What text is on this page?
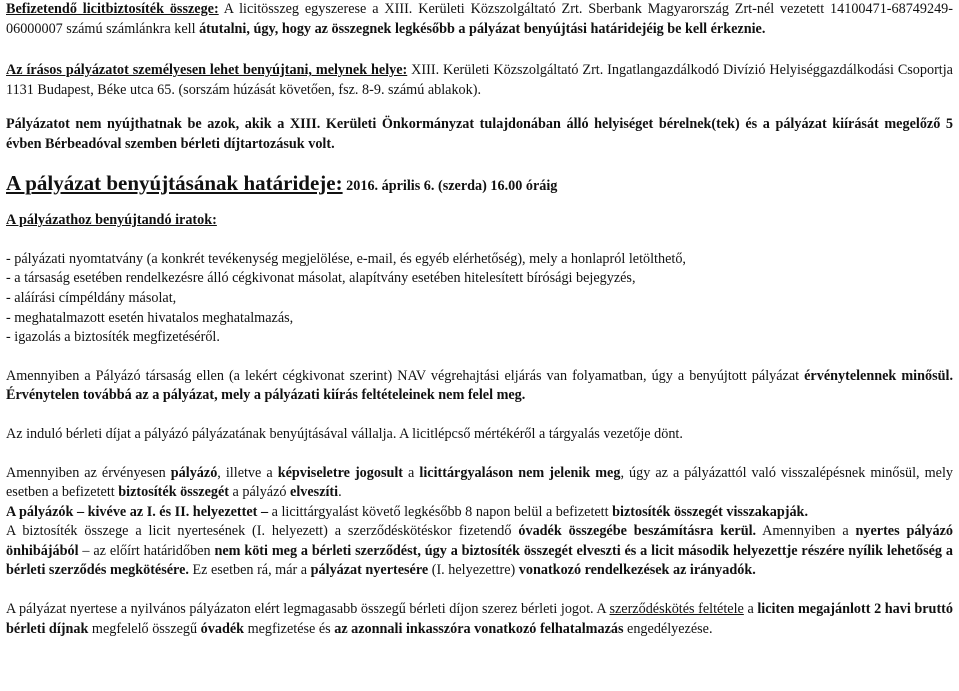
Befizetendő licitbiztosíték összege: A licitösszeg egyszerese a XIII. Kerületi Közszolgáltató Zrt. Sberbank Magyarország Zrt-nél vezetett 14100471-68749249-06000007 számú számlánkra kell átutalni, úgy, hogy az összegnek legkésőbb a pályázat benyújtási határidejéig be kell érkeznie.

Az írásos pályázatot személyesen lehet benyújtani, melynek helye: XIII. Kerületi Közszolgáltató Zrt. Ingatlangazdálkodó Divízió Helyiséggazdálkodási Csoportja 1131 Budapest, Béke utca 65. (sorszám húzását követően, fsz. 8-9. számú ablakok).

Pályázatot nem nyújthatnak be azok, akik a XIII. Kerületi Önkormányzat tulajdonában álló helyiséget bérelnek(tek) és a pályázat kiírását megelőző 5 évben Bérbeadóval szemben bérleti díjtartozásuk volt.

A pályázat benyújtásának határideje: 2016. április 6. (szerda) 16.00 óráig

A pályázathoz benyújtandó iratok:

- pályázati nyomtatvány (a konkrét tevékenység megjelölése, e-mail, és egyéb elérhetőség), mely a honlapról letölthető,

- a társaság esetében rendelkezésre álló cégkivonat másolat, alapítvány esetében hitelesített bírósági bejegyzés,

- aláírási címpéldány másolat,

- meghatalmazott esetén hivatalos meghatalmazás,

- igazolás a biztosíték megfizetéséről.

Amennyiben a Pályázó társaság ellen (a lekért cégkivonat szerint) NAV végrehajtási eljárás van folyamatban, úgy a benyújtott pályázat érvénytelennek minősül. Érvénytelen továbbá az a pályázat, mely a pályázati kiírás feltételeinek nem felel meg.

Az induló bérleti díjat a pályázó pályázatának benyújtásával vállalja. A licitlépcső mértékéről a tárgyalás vezetője dönt.

Amennyiben az érvényesen pályázó, illetve a képviseletre jogosult a licittárgyaláson nem jelenik meg, úgy az a pályázattól való visszalépésnek minősül, mely esetben a befizetett biztosíték összegét a pályázó elveszíti.

A pályázók – kivéve az I. és II. helyezettet – a licittárgyalást követő legkésőbb 8 napon belül a befizetett biztosíték összegét visszakapják.

A biztosíték összege a licit nyertesének (I. helyezett) a szerződéskötéskor fizetendő óvadék összegébe beszámításra kerül. Amennyiben a nyertes pályázó önhibájából – az előírt határidőben nem köti meg a bérleti szerződést, úgy a biztosíték összegét elveszti és a licit második helyezettje részére nyílik lehetőség a bérleti szerződés megkötésére. Ez esetben rá, már a pályázat nyertesére (I. helyezettre) vonatkozó rendelkezések az irányadók.

A pályázat nyertese a nyilvános pályázaton elért legmagasabb összegű bérleti díjon szerez bérleti jogot. A szerződéskötés feltétele a liciten megajánlott 2 havi bruttó bérleti díjnak megfelelő összegű óvadék megfizetése és az azonnali inkasszóra vonatkozó felhatalmazás engedélyezése.
